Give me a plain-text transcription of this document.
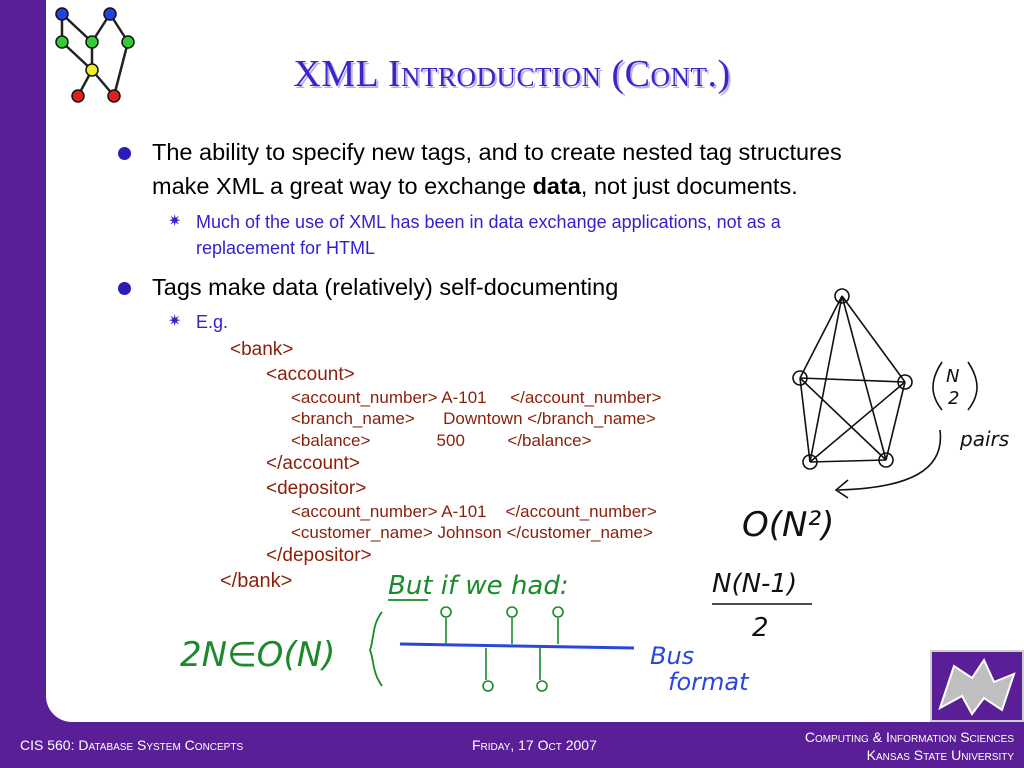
XML Introduction (Cont.)
The ability to specify new tags, and to create nested tag structures
make XML a great way to exchange data, not just documents.
✷ Much of the use of XML has been in data exchange applications, not as a
replacement for HTML
Tags make data (relatively) self-documenting
✷ E.g.
<bank>
<account>
<account_number> A-101     </account_number>
<branch_name>      Downtown </branch_name>
<balance>              500         </balance>
</account>
<depositor>
<account_number> A-101    </account_number>
<customer_name> Johnson </customer_name>
</depositor>
</bank>
N
2
pairs
O(N²)
N(N-1)
2
But if we had:
2N∈O(N)	Bus
format
CIS 560: Database System Concepts	Friday, 17 Oct 2007	Computing & Information Sciences
Kansas State University
